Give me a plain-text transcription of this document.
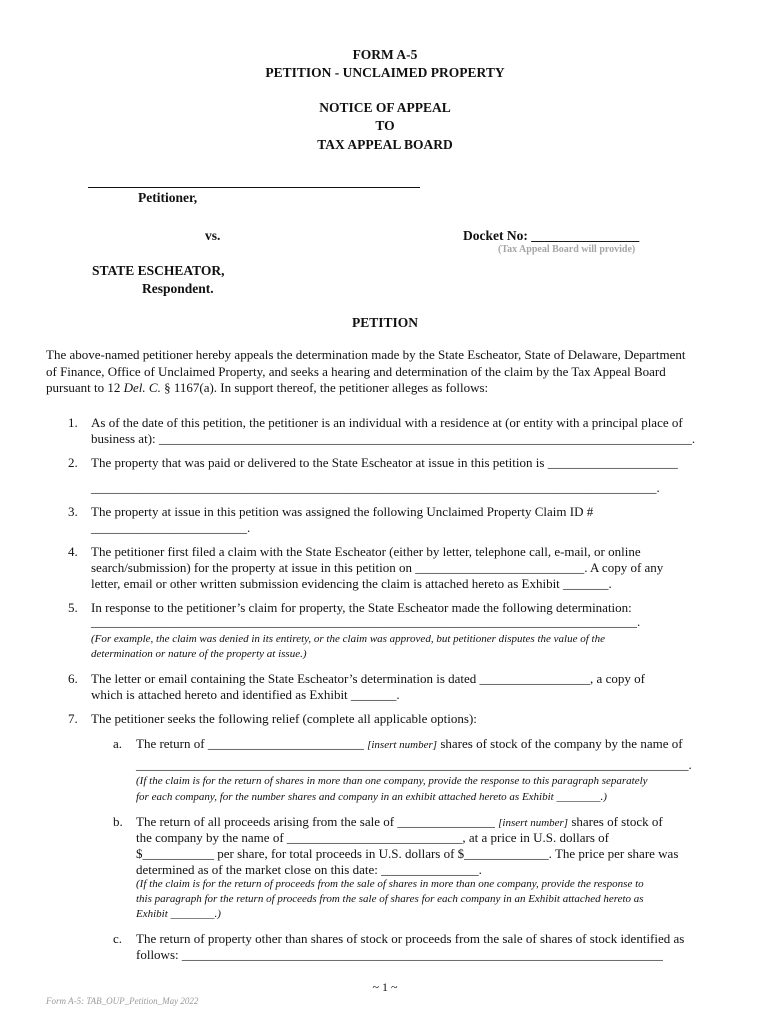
FORM A-5
PETITION - UNCLAIMED PROPERTY
NOTICE OF APPEAL
TO
TAX APPEAL BOARD
Petitioner,
vs.	Docket No: ________________
(Tax Appeal Board will provide)
STATE ESCHEATOR,
Respondent.
PETITION
The above-named petitioner hereby appeals the determination made by the State Escheator, State of Delaware, Department
of Finance, Office of Unclaimed Property, and seeks a hearing and determination of the claim by the Tax Appeal Board
pursuant to 12 Del. C. § 1167(a). In support thereof, the petitioner alleges as follows:
1. As of the date of this petition, the petitioner is an individual with a residence at (or entity with a principal place of
business at): __________________________________________________________________________________.
2. The property that was paid or delivered to the State Escheator at issue in this petition is ____________________
_______________________________________________________________________________________.
3. The property at issue in this petition was assigned the following Unclaimed Property Claim ID #
________________________.
4. The petitioner first filed a claim with the State Escheator (either by letter, telephone call, e-mail, or online
search/submission) for the property at issue in this petition on __________________________. A copy of any
letter, email or other written submission evidencing the claim is attached hereto as Exhibit _______.
5. In response to the petitioner’s claim for property, the State Escheator made the following determination:
____________________________________________________________________________________.
(For example, the claim was denied in its entirety, or the claim was approved, but petitioner disputes the value of the
determination or nature of the property at issue.)
6. The letter or email containing the State Escheator’s determination is dated _________________, a copy of
which is attached hereto and identified as Exhibit _______.
7. The petitioner seeks the following relief (complete all applicable options):
a. The return of ________________________ [insert number] shares of stock of the company by the name of
_____________________________________________________________________________________.
(If the claim is for the return of shares in more than one company, provide the response to this paragraph separately
for each company, for the number shares and company in an exhibit attached hereto as Exhibit ________.)
b. The return of all proceeds arising from the sale of _______________ [insert number] shares of stock of
the company by the name of ___________________________, at a price in U.S. dollars of
$___________ per share, for total proceeds in U.S. dollars of $_____________. The price per share was
determined as of the market close on this date: _______________.
(If the claim is for the return of proceeds from the sale of shares in more than one company, provide the response to
this paragraph for the return of proceeds from the sale of shares for each company in an Exhibit attached hereto as
Exhibit ________.)
c. The return of property other than shares of stock or proceeds from the sale of shares of stock identified as
follows: __________________________________________________________________________
~ 1 ~
Form A-5: TAB_OUP_Petition_May 2022
